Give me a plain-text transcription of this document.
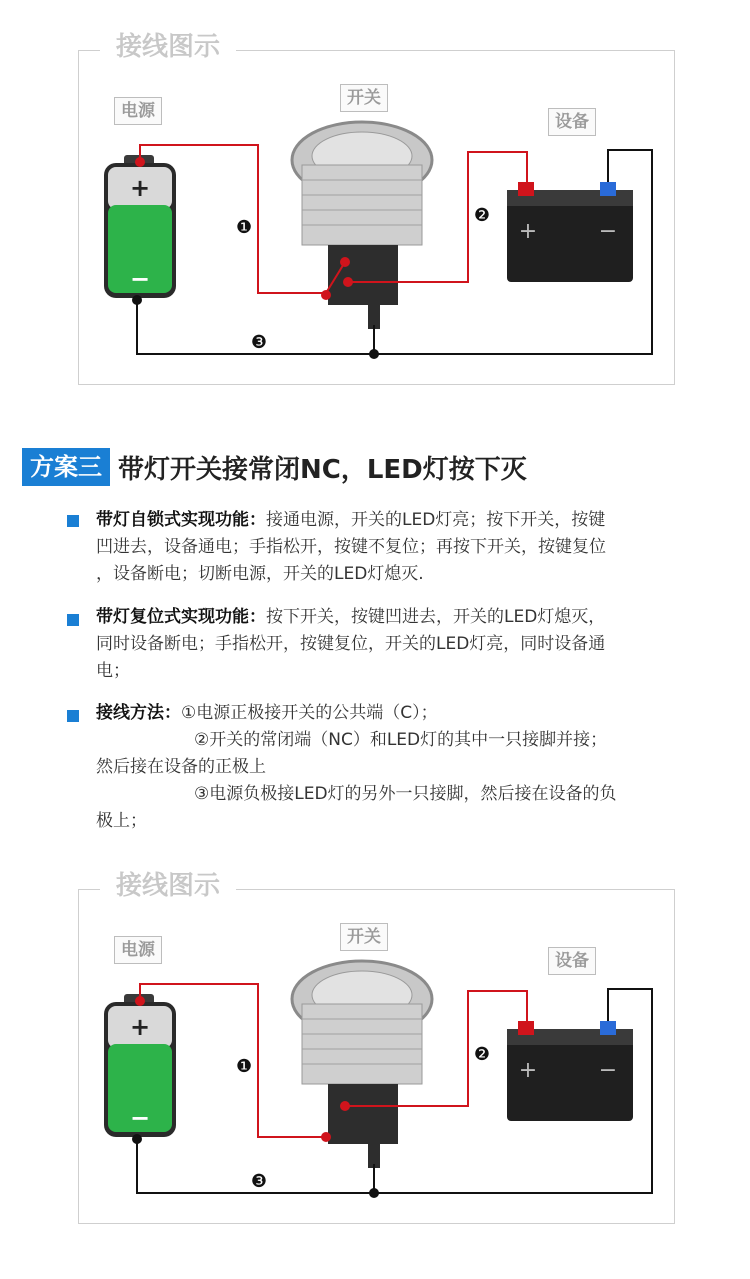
接线图示
电源
开关
设备
+
−
+	−
❶
❷
❸
方案三 带灯开关接常闭NC，LED灯按下灭
带灯自锁式实现功能：接通电源，开关的LED灯亮；按下开关，按键
凹进去，设备通电；手指松开，按键不复位；再按下开关，按键复位
，设备断电；切断电源，开关的LED灯熄灭.
带灯复位式实现功能：按下开关，按键凹进去，开关的LED灯熄灭，
同时设备断电；手指松开，按键复位，开关的LED灯亮，同时设备通
电；
接线方法：①电源正极接开关的公共端（C）；
②开关的常闭端（NC）和LED灯的其中一只接脚并接；
然后接在设备的正极上
③电源负极接LED灯的另外一只接脚，然后接在设备的负
极上；
接线图示
电源
开关
设备
+
−
+	−
❶
❷
❸
